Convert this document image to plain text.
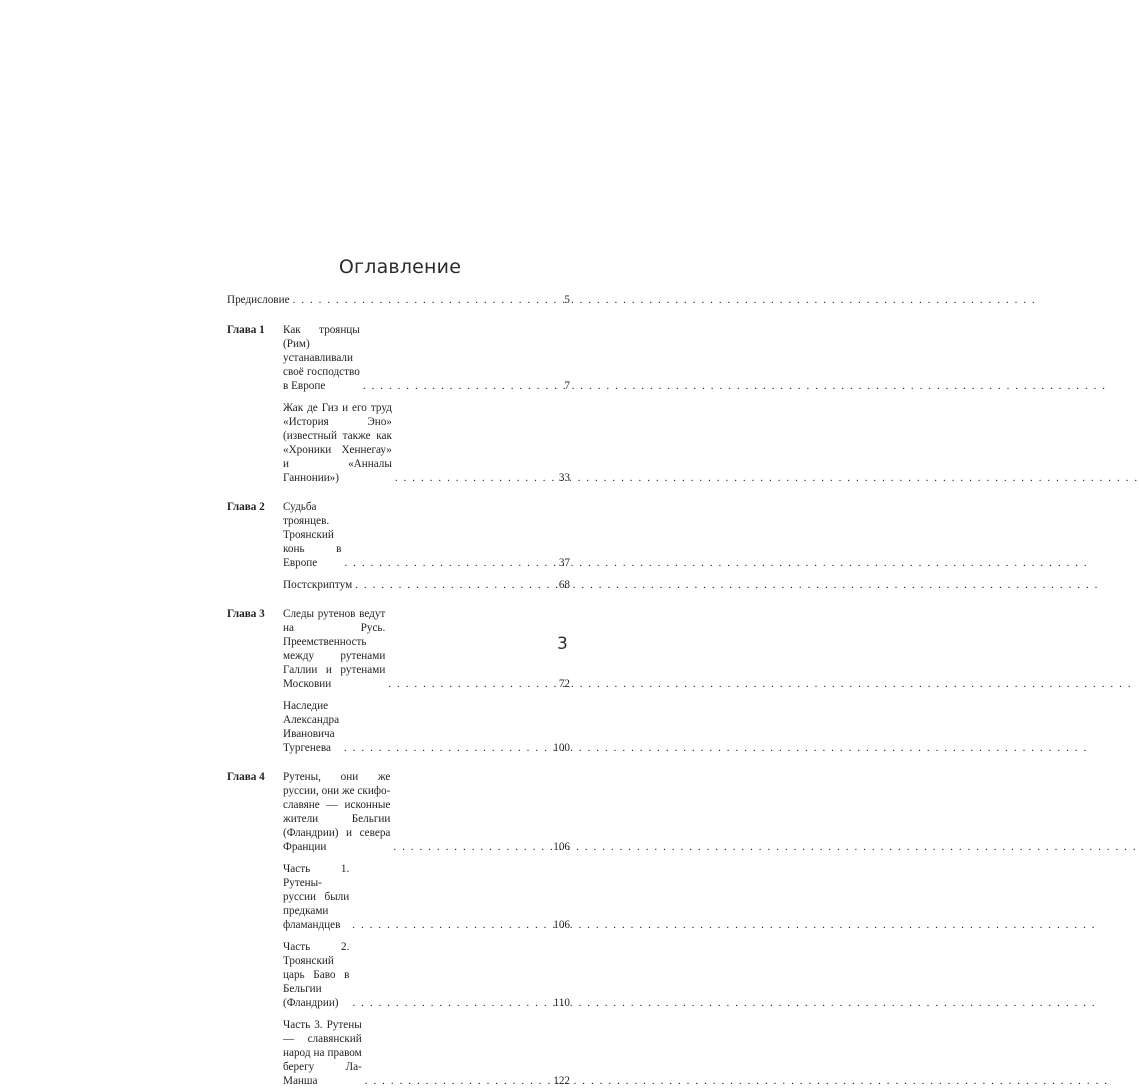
Оглавление
Предисловие . . .	5
Глава 1	Как троянцы (Рим) устанавливали своё господство в Европе . . .	7
Жак де Гиз и его труд «История Эно» (известный также как «Хроники Хеннегау» и «Анналы Ганнонии») . . .	33
Глава 2	Судьба троянцев. Троянский конь в Европе . . .	37
Постскриптум . . .	68
Глава 3	Следы рутенов ведут на Русь. Преемственность между рутенами Галлии и рутенами Московии . . .	72
Наследие Александра Ивановича Тургенева . . .	100
Глава 4	Рутены, они же руссии, они же скифо-славяне — исконные жители Бельгии (Фландрии) и севера Франции . . .	106
Часть 1. Рутены-руссии были предками фламандцев . . .	106
Часть 2. Троянский царь Баво в Бельгии (Фландрии) . . .	110
Часть 3. Рутены — славянский народ на правом берегу Ла-Манша . . .	122
3
